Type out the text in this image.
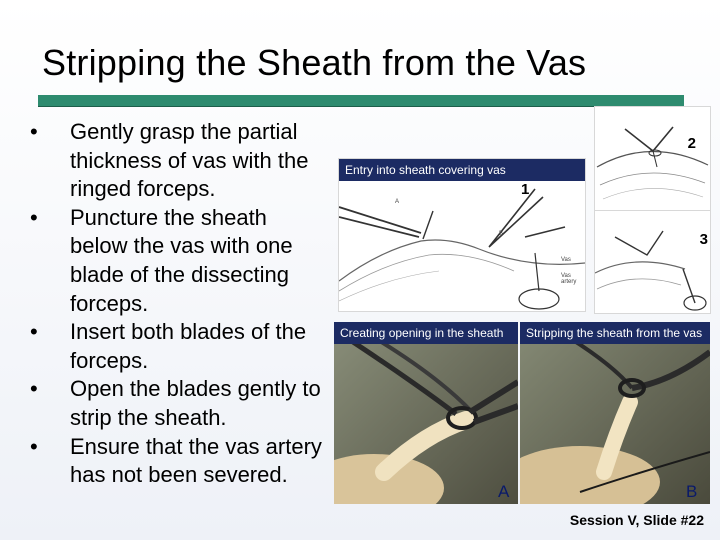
Stripping the Sheath from the Vas
• Gently grasp the partial thickness of vas with the ringed forceps.
• Puncture the sheath below the vas with one blade of the dissecting forceps.
• Insert both blades of the forceps.
• Open the blades gently to strip the sheath.
• Ensure that the vas artery has not been severed.
2
Entry into sheath covering vas
1
A
B
Vas
Vas artery
3
Creating opening in the sheath
A
Stripping the sheath from the vas
B
Session V, Slide #22
